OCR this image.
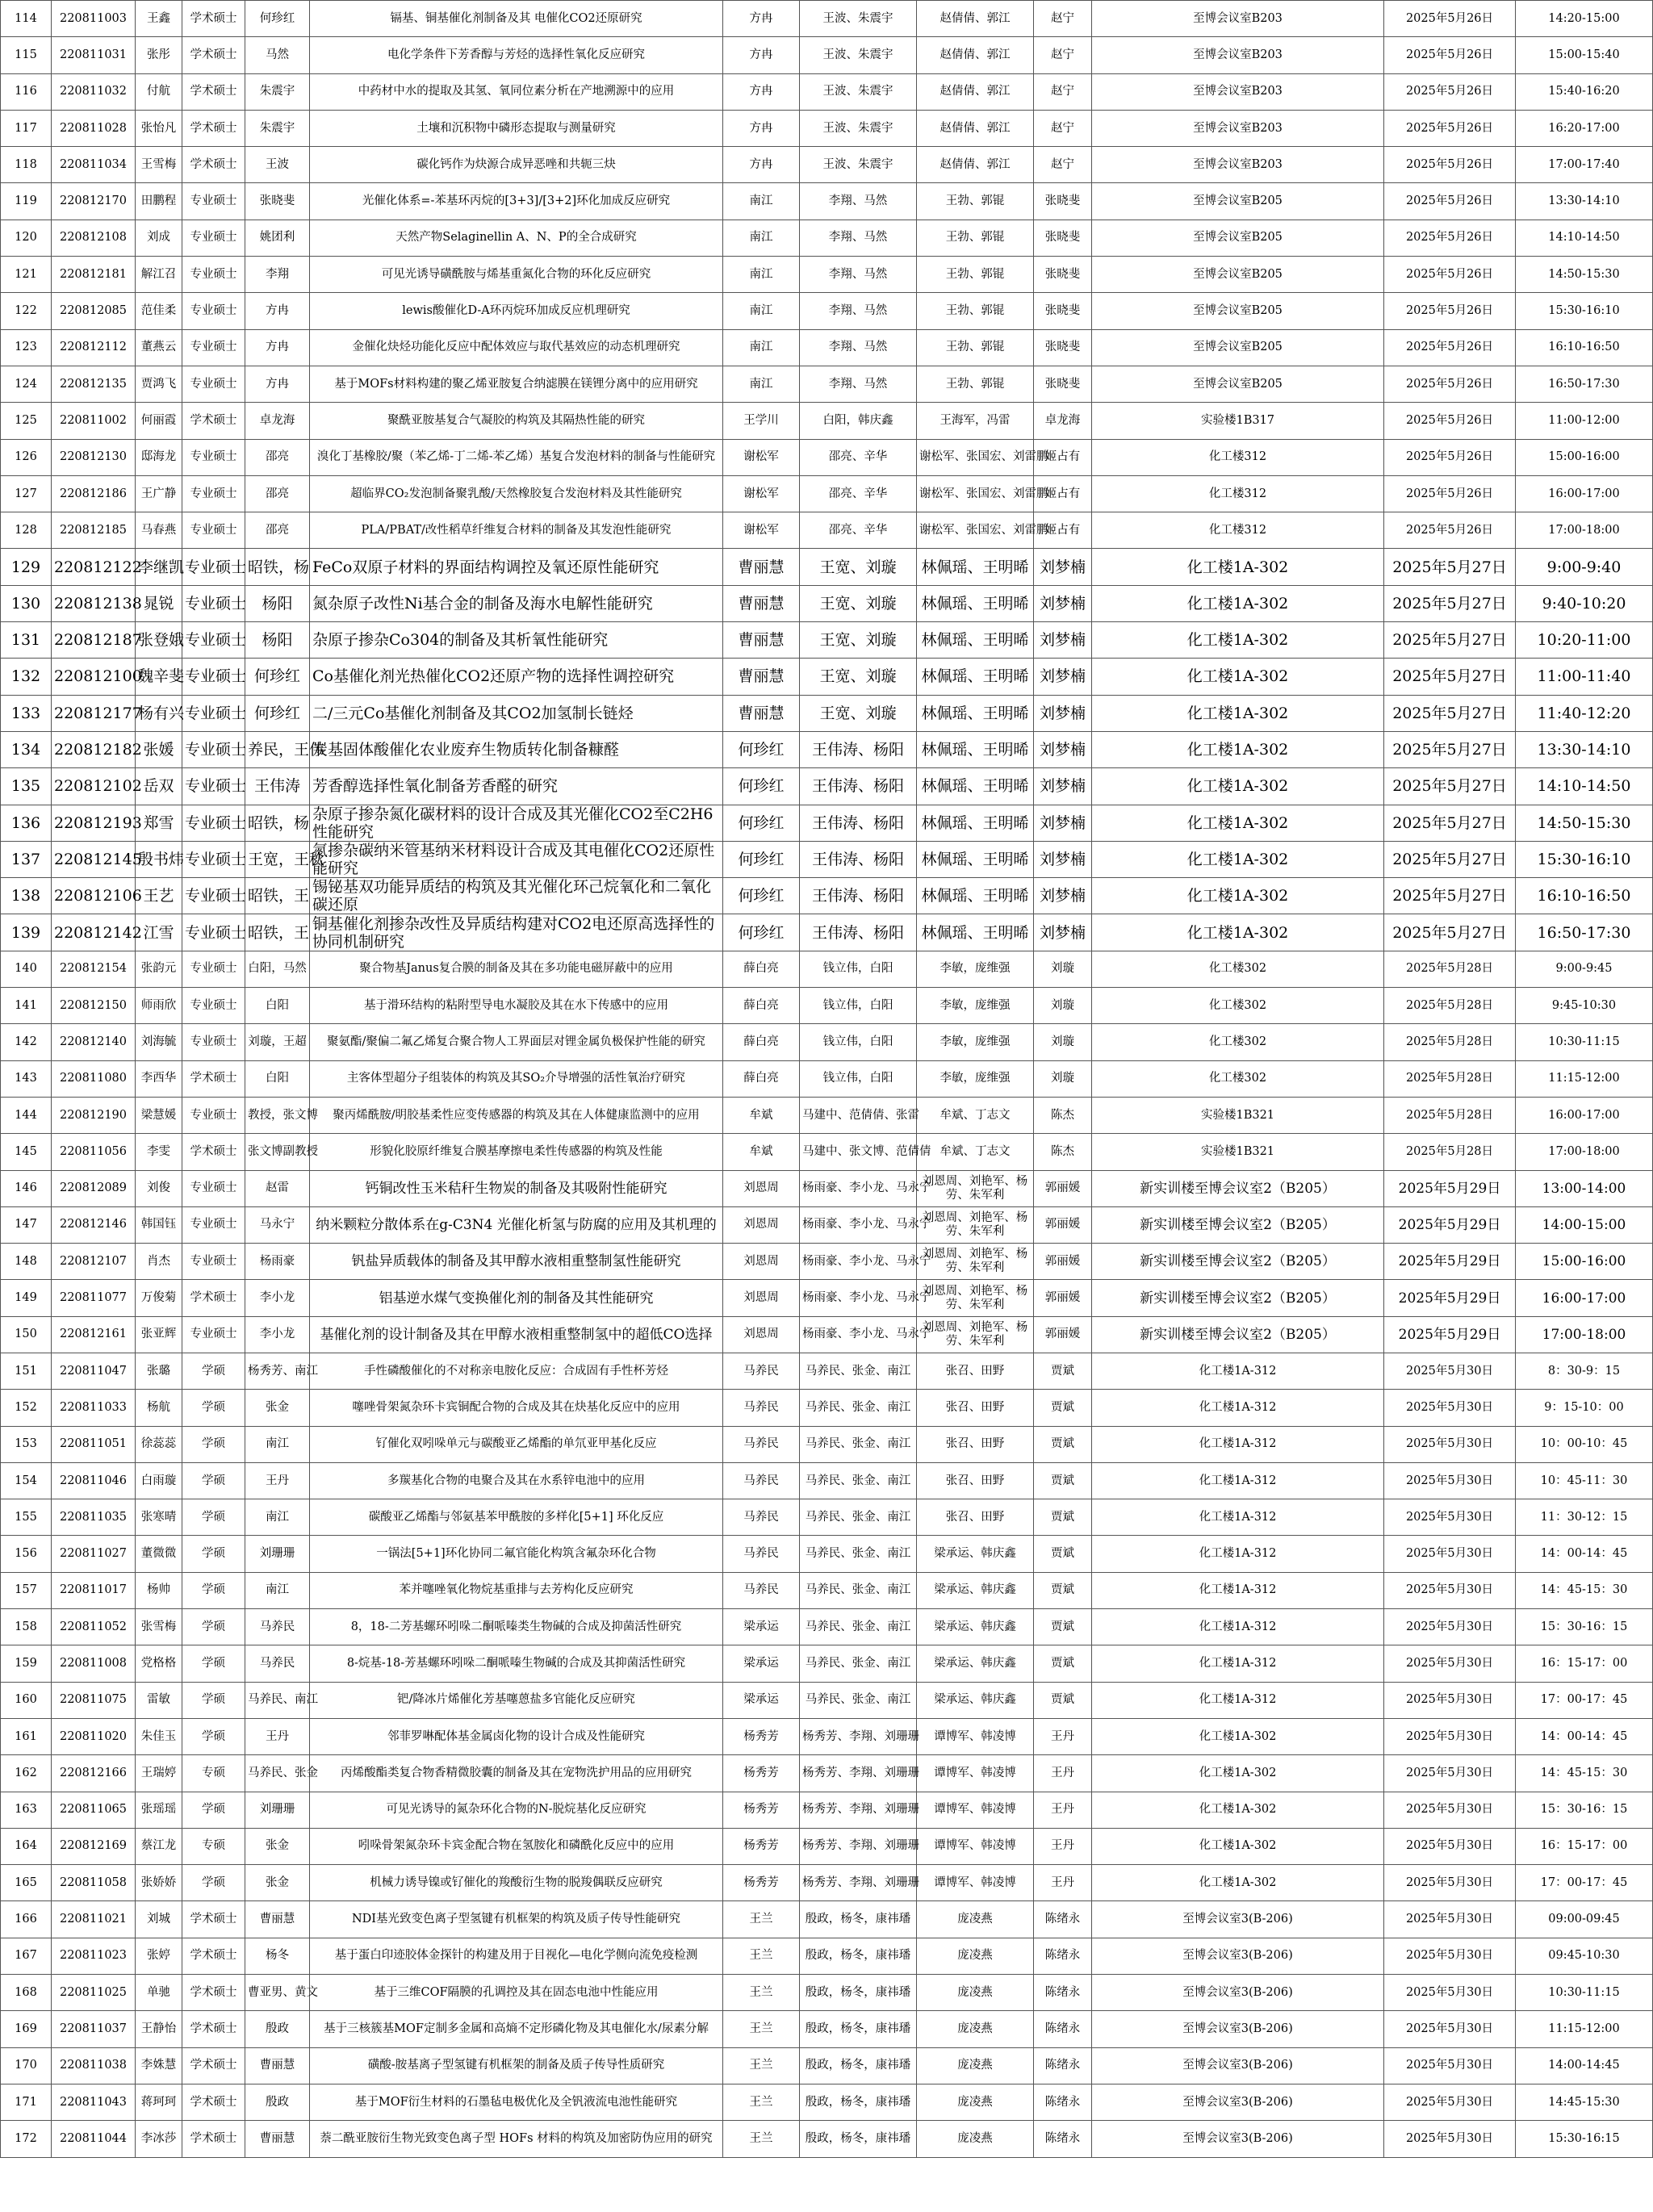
114	220811003	王鑫	学术硕士	何珍红	镉基、铜基催化剂制备及其 电催化CO2还原研究	方冉	王波、朱震宇	赵倩倩、郭江	赵宁	至博会议室B203	2025年5月26日	14:20-15:00
115	220811031	张彤	学术硕士	马然	电化学条件下芳香醇与芳烃的选择性氧化反应研究	方冉	王波、朱震宇	赵倩倩、郭江	赵宁	至博会议室B203	2025年5月26日	15:00-15:40
116	220811032	付航	学术硕士	朱震宇	中药材中水的提取及其氢、氧同位素分析在产地溯源中的应用	方冉	王波、朱震宇	赵倩倩、郭江	赵宁	至博会议室B203	2025年5月26日	15:40-16:20
117	220811028	张怡凡	学术硕士	朱震宇	土壤和沉积物中磷形态提取与测量研究	方冉	王波、朱震宇	赵倩倩、郭江	赵宁	至博会议室B203	2025年5月26日	16:20-17:00
118	220811034	王雪梅	学术硕士	王波	碳化钙作为炔源合成异恶唑和共轭三炔	方冉	王波、朱震宇	赵倩倩、郭江	赵宁	至博会议室B203	2025年5月26日	17:00-17:40
119	220812170	田鹏程	专业硕士	张晓斐	光催化体系=-苯基环丙烷的[3+3]/[3+2]环化加成反应研究	南江	李翔、马然	王勃、郭锟	张晓斐	至博会议室B205	2025年5月26日	13:30-14:10
120	220812108	刘成	专业硕士	姚团利	天然产物Selaginellin A、N、P的全合成研究	南江	李翔、马然	王勃、郭锟	张晓斐	至博会议室B205	2025年5月26日	14:10-14:50
121	220812181	解江召	专业硕士	李翔	可见光诱导磺酰胺与烯基重氮化合物的环化反应研究	南江	李翔、马然	王勃、郭锟	张晓斐	至博会议室B205	2025年5月26日	14:50-15:30
122	220812085	范佳柔	专业硕士	方冉	lewis酸催化D-A环丙烷环加成反应机理研究	南江	李翔、马然	王勃、郭锟	张晓斐	至博会议室B205	2025年5月26日	15:30-16:10
123	220812112	董燕云	专业硕士	方冉	金催化炔烃功能化反应中配体效应与取代基效应的动态机理研究	南江	李翔、马然	王勃、郭锟	张晓斐	至博会议室B205	2025年5月26日	16:10-16:50
124	220812135	贾鸿飞	专业硕士	方冉	基于MOFs材料构建的聚乙烯亚胺复合纳滤膜在镁锂分离中的应用研究	南江	李翔、马然	王勃、郭锟	张晓斐	至博会议室B205	2025年5月26日	16:50-17:30
125	220811002	何丽霞	学术硕士	卓龙海	聚酰亚胺基复合气凝胶的构筑及其隔热性能的研究	王学川	白阳，韩庆鑫	王海军，冯雷	卓龙海	实验楼1B317	2025年5月26日	11:00-12:00
126	220812130	邸海龙	专业硕士	邵亮	溴化丁基橡胶/聚（苯乙烯-丁二烯-苯乙烯）基复合发泡材料的制备与性能研究	谢松军	邵亮、辛华	谢松军、张国宏、刘雷鹏	姬占有	化工楼312	2025年5月26日	15:00-16:00
127	220812186	王广静	专业硕士	邵亮	超临界CO₂发泡制备聚乳酸/天然橡胶复合发泡材料及其性能研究	谢松军	邵亮、辛华	谢松军、张国宏、刘雷鹏	姬占有	化工楼312	2025年5月26日	16:00-17:00
128	220812185	马春燕	专业硕士	邵亮	PLA/PBAT/改性稻草纤维复合材料的制备及其发泡性能研究	谢松军	邵亮、辛华	谢松军、张国宏、刘雷鹏	姬占有	化工楼312	2025年5月26日	17:00-18:00
129	220812122	李继凯	专业硕士	昭铁，杨	FeCo双原子材料的界面结构调控及氧还原性能研究	曹丽慧	王宽、刘璇	林佩瑶、王明晞	刘梦楠	化工楼1A-302	2025年5月27日	9:00-9:40
130	220812138	晁锐	专业硕士	杨阳	氮杂原子改性Ni基合金的制备及海水电解性能研究	曹丽慧	王宽、刘璇	林佩瑶、王明晞	刘梦楠	化工楼1A-302	2025年5月27日	9:40-10:20
131	220812187	张登娥	专业硕士	杨阳	杂原子掺杂Co304的制备及其析氧性能研究	曹丽慧	王宽、刘璇	林佩瑶、王明晞	刘梦楠	化工楼1A-302	2025年5月27日	10:20-11:00
132	220812100	魏辛斐	专业硕士	何珍红	Co基催化剂光热催化CO2还原产物的选择性调控研究	曹丽慧	王宽、刘璇	林佩瑶、王明晞	刘梦楠	化工楼1A-302	2025年5月27日	11:00-11:40
133	220812177	杨有兴	专业硕士	何珍红	二/三元Co基催化剂制备及其CO2加氢制长链烃	曹丽慧	王宽、刘璇	林佩瑶、王明晞	刘梦楠	化工楼1A-302	2025年5月27日	11:40-12:20
134	220812182	张媛	专业硕士	养民，王伟	炭基固体酸催化农业废弃生物质转化制备糠醛	何珍红	王伟涛、杨阳	林佩瑶、王明晞	刘梦楠	化工楼1A-302	2025年5月27日	13:30-14:10
135	220812102	岳双	专业硕士	王伟涛	芳香醇选择性氧化制备芳香醛的研究	何珍红	王伟涛、杨阳	林佩瑶、王明晞	刘梦楠	化工楼1A-302	2025年5月27日	14:10-14:50
136	220812193	郑雪	专业硕士	昭铁，杨	杂原子掺杂氮化碳材料的设计合成及其光催化CO2至C2H6性能研究	何珍红	王伟涛、杨阳	林佩瑶、王明晞	刘梦楠	化工楼1A-302	2025年5月27日	14:50-15:30
137	220812145	殷书炜	专业硕士	王宽，王秋	氮掺杂碳纳米管基纳米材料设计合成及其电催化CO2还原性能研究	何珍红	王伟涛、杨阳	林佩瑶、王明晞	刘梦楠	化工楼1A-302	2025年5月27日	15:30-16:10
138	220812106	王艺	专业硕士	昭铁，王	锡铋基双功能异质结的构筑及其光催化环己烷氧化和二氧化碳还原	何珍红	王伟涛、杨阳	林佩瑶、王明晞	刘梦楠	化工楼1A-302	2025年5月27日	16:10-16:50
139	220812142	江雪	专业硕士	昭铁，王	铜基催化剂掺杂改性及异质结构建对CO2电还原高选择性的协同机制研究	何珍红	王伟涛、杨阳	林佩瑶、王明晞	刘梦楠	化工楼1A-302	2025年5月27日	16:50-17:30
140	220812154	张韵元	专业硕士	白阳，马然	聚合物基Janus复合膜的制备及其在多功能电磁屏蔽中的应用	薛白亮	钱立伟，白阳	李敏，庞维强	刘璇	化工楼302	2025年5月28日	9:00-9:45
141	220812150	师雨欣	专业硕士	白阳	基于滑环结构的粘附型导电水凝胶及其在水下传感中的应用	薛白亮	钱立伟，白阳	李敏，庞维强	刘璇	化工楼302	2025年5月28日	9:45-10:30
142	220812140	刘海毓	专业硕士	刘璇，王超	聚氨酯/聚偏二氟乙烯复合聚合物人工界面层对锂金属负极保护性能的研究	薛白亮	钱立伟，白阳	李敏，庞维强	刘璇	化工楼302	2025年5月28日	10:30-11:15
143	220811080	李西华	学术硕士	白阳	主客体型超分子组装体的构筑及其SO₂介导增强的活性氧治疗研究	薛白亮	钱立伟，白阳	李敏，庞维强	刘璇	化工楼302	2025年5月28日	11:15-12:00
144	220812190	梁慧媛	专业硕士	教授，张文博	聚丙烯酰胺/明胶基柔性应变传感器的构筑及其在人体健康监测中的应用	牟斌	马建中、范倩倩、张雷	牟斌、丁志文	陈杰	实验楼1B321	2025年5月28日	16:00-17:00
145	220811056	李雯	学术硕士	张文博副教授	形貌化胶原纤维复合膜基摩擦电柔性传感器的构筑及性能	牟斌	马建中、张文博、范倩倩	牟斌、丁志文	陈杰	实验楼1B321	2025年5月28日	17:00-18:00
146	220812089	刘俊	专业硕士	赵雷	钙铜改性玉米秸秆生物炭的制备及其吸附性能研究	刘恩周	杨雨豪、李小龙、马永宁	刘恩周、刘艳军、杨劳、朱军利	郭丽媛	新实训楼至博会议室2（B205）	2025年5月29日	13:00-14:00
147	220812146	韩国钰	专业硕士	马永宁	纳米颗粒分散体系在g-C3N4 光催化析氢与防腐的应用及其机理的	刘恩周	杨雨豪、李小龙、马永宁	刘恩周、刘艳军、杨劳、朱军利	郭丽媛	新实训楼至博会议室2（B205）	2025年5月29日	14:00-15:00
148	220812107	肖杰	专业硕士	杨雨豪	钒盐异质载体的制备及其甲醇水液相重整制氢性能研究	刘恩周	杨雨豪、李小龙、马永宁	刘恩周、刘艳军、杨劳、朱军利	郭丽媛	新实训楼至博会议室2（B205）	2025年5月29日	15:00-16:00
149	220811077	万俊菊	学术硕士	李小龙	铝基逆水煤气变换催化剂的制备及其性能研究	刘恩周	杨雨豪、李小龙、马永宁	刘恩周、刘艳军、杨劳、朱军利	郭丽媛	新实训楼至博会议室2（B205）	2025年5月29日	16:00-17:00
150	220812161	张亚辉	专业硕士	李小龙	基催化剂的设计制备及其在甲醇水液相重整制氢中的超低CO选择	刘恩周	杨雨豪、李小龙、马永宁	刘恩周、刘艳军、杨劳、朱军利	郭丽媛	新实训楼至博会议室2（B205）	2025年5月29日	17:00-18:00
151	220811047	张璐	学硕	杨秀芳、南江	手性磷酸催化的不对称亲电胺化反应：合成固有手性杯芳烃	马养民	马养民、张金、南江	张召、田野	贾斌	化工楼1A-312	2025年5月30日	8：30-9：15
152	220811033	杨航	学硕	张金	噻唑骨架氮杂环卡宾铜配合物的合成及其在炔基化反应中的应用	马养民	马养民、张金、南江	张召、田野	贾斌	化工楼1A-312	2025年5月30日	9：15-10：00
153	220811051	徐蕊蕊	学硕	南江	钌催化双吲哚单元与碳酸亚乙烯酯的单氘亚甲基化反应	马养民	马养民、张金、南江	张召、田野	贾斌	化工楼1A-312	2025年5月30日	10：00-10：45
154	220811046	白雨璇	学硕	王丹	多羰基化合物的电聚合及其在水系锌电池中的应用	马养民	马养民、张金、南江	张召、田野	贾斌	化工楼1A-312	2025年5月30日	10：45-11：30
155	220811035	张寒晴	学硕	南江	碳酸亚乙烯酯与邻氨基苯甲酰胺的多样化[5+1] 环化反应	马养民	马养民、张金、南江	张召、田野	贾斌	化工楼1A-312	2025年5月30日	11：30-12：15
156	220811027	董微微	学硕	刘珊珊	一锅法[5+1]环化协同二氟官能化构筑含氟杂环化合物	马养民	马养民、张金、南江	梁承运、韩庆鑫	贾斌	化工楼1A-312	2025年5月30日	14：00-14：45
157	220811017	杨帅	学硕	南江	苯并噻唑氧化物烷基重排与去芳构化反应研究	马养民	马养民、张金、南江	梁承运、韩庆鑫	贾斌	化工楼1A-312	2025年5月30日	14：45-15：30
158	220811052	张雪梅	学硕	马养民	8，18-二芳基螺环吲哚二酮哌嗪类生物碱的合成及抑菌活性研究	梁承运	马养民、张金、南江	梁承运、韩庆鑫	贾斌	化工楼1A-312	2025年5月30日	15：30-16：15
159	220811008	党格格	学硕	马养民	8-烷基-18-芳基螺环吲哚二酮哌嗪生物碱的合成及其抑菌活性研究	梁承运	马养民、张金、南江	梁承运、韩庆鑫	贾斌	化工楼1A-312	2025年5月30日	16：15-17：00
160	220811075	雷敏	学硕	马养民、南江	钯/降冰片烯催化芳基噻蒽盐多官能化反应研究	梁承运	马养民、张金、南江	梁承运、韩庆鑫	贾斌	化工楼1A-312	2025年5月30日	17：00-17：45
161	220811020	朱佳玉	学硕	王丹	邻菲罗啉配体基金属卤化物的设计合成及性能研究	杨秀芳	杨秀芳、李翔、刘珊珊	谭博军、韩凌博	王丹	化工楼1A-302	2025年5月30日	14：00-14：45
162	220812166	王瑞婷	专硕	马养民、张金	丙烯酸酯类复合物香精微胶囊的制备及其在宠物洗护用品的应用研究	杨秀芳	杨秀芳、李翔、刘珊珊	谭博军、韩凌博	王丹	化工楼1A-302	2025年5月30日	14：45-15：30
163	220811065	张瑶瑶	学硕	刘珊珊	可见光诱导的氮杂环化合物的N-脱烷基化反应研究	杨秀芳	杨秀芳、李翔、刘珊珊	谭博军、韩凌博	王丹	化工楼1A-302	2025年5月30日	15：30-16：15
164	220812169	蔡江龙	专硕	张金	吲哚骨架氮杂环卡宾金配合物在氢胺化和磷酰化反应中的应用	杨秀芳	杨秀芳、李翔、刘珊珊	谭博军、韩凌博	王丹	化工楼1A-302	2025年5月30日	16：15-17：00
165	220811058	张娇娇	学硕	张金	机械力诱导镍或钌催化的羧酸衍生物的脱羧偶联反应研究	杨秀芳	杨秀芳、李翔、刘珊珊	谭博军、韩凌博	王丹	化工楼1A-302	2025年5月30日	17：00-17：45
166	220811021	刘城	学术硕士	曹丽慧	NDI基光致变色离子型氢键有机框架的构筑及质子传导性能研究	王兰	殷政，杨冬，康祎璠	庞凌燕	陈绪永	至博会议室3(B-206)	2025年5月30日	09:00-09:45
167	220811023	张婷	学术硕士	杨冬	基于蛋白印迹胶体金探针的构建及用于目视化—电化学侧向流免疫检测	王兰	殷政，杨冬，康祎璠	庞凌燕	陈绪永	至博会议室3(B-206)	2025年5月30日	09:45-10:30
168	220811025	单驰	学术硕士	曹亚男、黄文	基于三维COF隔膜的孔调控及其在固态电池中性能应用	王兰	殷政，杨冬，康祎璠	庞凌燕	陈绪永	至博会议室3(B-206)	2025年5月30日	10:30-11:15
169	220811037	王静怡	学术硕士	殷政	基于三核簇基MOF定制多金属和高熵不定形磷化物及其电催化水/尿素分解	王兰	殷政，杨冬，康祎璠	庞凌燕	陈绪永	至博会议室3(B-206)	2025年5月30日	11:15-12:00
170	220811038	李姝慧	学术硕士	曹丽慧	磺酸-胺基离子型氢键有机框架的制备及质子传导性质研究	王兰	殷政，杨冬，康祎璠	庞凌燕	陈绪永	至博会议室3(B-206)	2025年5月30日	14:00-14:45
171	220811043	蒋珂珂	学术硕士	殷政	基于MOF衍生材料的石墨毡电极优化及全钒液流电池性能研究	王兰	殷政，杨冬，康祎璠	庞凌燕	陈绪永	至博会议室3(B-206)	2025年5月30日	14:45-15:30
172	220811044	李冰莎	学术硕士	曹丽慧	萘二酰亚胺衍生物光致变色离子型 HOFs 材料的构筑及加密防伪应用的研究	王兰	殷政，杨冬，康祎璠	庞凌燕	陈绪永	至博会议室3(B-206)	2025年5月30日	15:30-16:15
